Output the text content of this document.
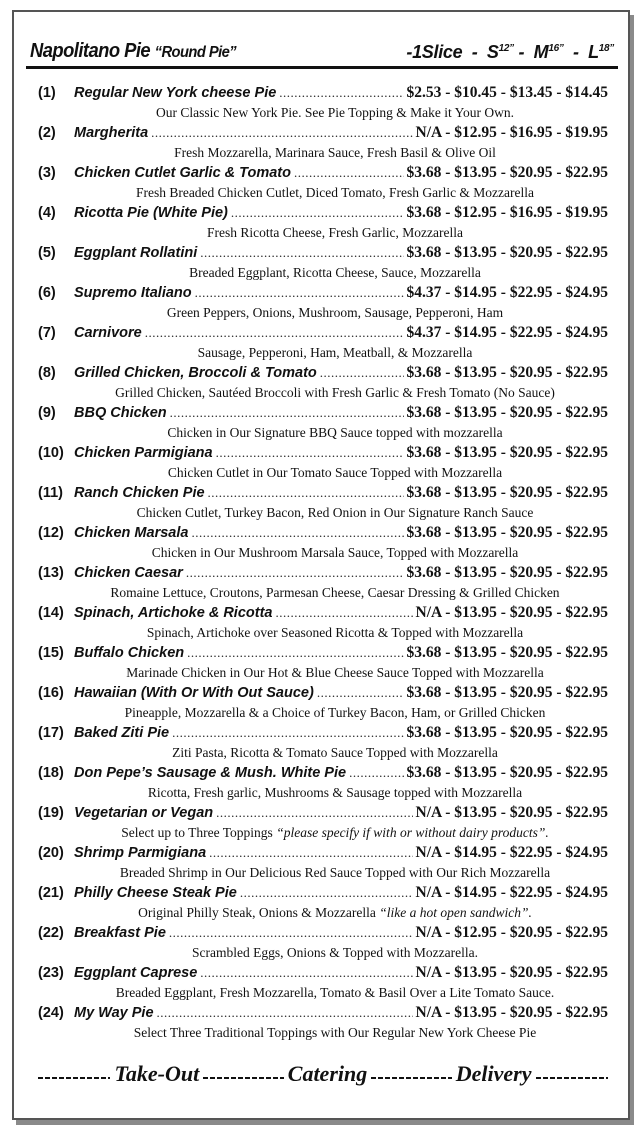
Napolitano Pie “Round Pie”	-1Slice - $S^{12”} - M^{16”} - L^{18”}$
(1)	Regular New York cheese Pie .....	$2.53 - $10.45 - $13.45 - $14.45
Our Classic New York Pie. See Pie Topping & Make it Your Own.
(2)	Margherita .....	N/A - $12.95 - $16.95 - $19.95
Fresh Mozzarella, Marinara Sauce, Fresh Basil & Olive Oil
(3)	Chicken Cutlet Garlic & Tomato .....	$3.68 - $13.95 - $20.95 - $22.95
Fresh Breaded Chicken Cutlet, Diced Tomato, Fresh Garlic & Mozzarella
(4)	Ricotta Pie (White Pie) .....	$3.68 - $12.95 - $16.95 - $19.95
Fresh Ricotta Cheese, Fresh Garlic, Mozzarella
(5)	Eggplant Rollatini .....	$3.68 - $13.95 - $20.95 - $22.95
Breaded Eggplant, Ricotta Cheese, Sauce, Mozzarella
(6)	Supremo Italiano .....	$4.37 - $14.95 - $22.95 - $24.95
Green Peppers, Onions, Mushroom, Sausage, Pepperoni, Ham
(7)	Carnivore .....	$4.37 - $14.95 - $22.95 - $24.95
Sausage, Pepperoni, Ham, Meatball, & Mozzarella
(8)	Grilled Chicken, Broccoli & Tomato .....	$3.68 - $13.95 - $20.95 - $22.95
Grilled Chicken, Sautéed Broccoli with Fresh Garlic & Fresh Tomato (No Sauce)
(9)	BBQ Chicken .....	$3.68 - $13.95 - $20.95 - $22.95
Chicken in Our Signature BBQ Sauce topped with mozzarella
(10) Chicken Parmigiana .....	$3.68 - $13.95 - $20.95 - $22.95
Chicken Cutlet in Our Tomato Sauce Topped with Mozzarella
(11) Ranch Chicken Pie .....	$3.68 - $13.95 - $20.95 - $22.95
Chicken Cutlet, Turkey Bacon, Red Onion in Our Signature Ranch Sauce
(12) Chicken Marsala .....	$3.68 - $13.95 - $20.95 - $22.95
Chicken in Our Mushroom Marsala Sauce, Topped with Mozzarella
(13) Chicken Caesar .....	$3.68 - $13.95 - $20.95 - $22.95
Romaine Lettuce, Croutons, Parmesan Cheese, Caesar Dressing & Grilled Chicken
(14) Spinach, Artichoke & Ricotta .....	N/A - $13.95 - $20.95 - $22.95
Spinach, Artichoke over Seasoned Ricotta & Topped with Mozzarella
(15) Buffalo Chicken .....	$3.68 - $13.95 - $20.95 - $22.95
Marinade Chicken in Our Hot & Blue Cheese Sauce Topped with Mozzarella
(16) Hawaiian (With Or With Out Sauce) .....	$3.68 - $13.95 - $20.95 - $22.95
Pineapple, Mozzarella & a Choice of Turkey Bacon, Ham, or Grilled Chicken
(17) Baked Ziti Pie .....	$3.68 - $13.95 - $20.95 - $22.95
Ziti Pasta, Ricotta & Tomato Sauce Topped with Mozzarella
(18) Don Pepe’s Sausage & Mush. White Pie .....	$3.68 - $13.95 - $20.95 - $22.95
Ricotta, Fresh garlic, Mushrooms & Sausage topped with Mozzarella
(19) Vegetarian or Vegan .....	N/A - $13.95 - $20.95 - $22.95
Select up to Three Toppings “please specify if with or without dairy products”.
(20) Shrimp Parmigiana .....	N/A - $14.95 - $22.95 - $24.95
Breaded Shrimp in Our Delicious Red Sauce Topped with Our Rich Mozzarella
(21) Philly Cheese Steak Pie .....	N/A - $14.95 - $22.95 - $24.95
Original Philly Steak, Onions & Mozzarella “like a hot open sandwich”.
(22) Breakfast Pie .....	N/A - $12.95 - $20.95 - $22.95
Scrambled Eggs, Onions & Topped with Mozzarella.
(23) Eggplant Caprese .....	N/A - $13.95 - $20.95 - $22.95
Breaded Eggplant, Fresh Mozzarella, Tomato & Basil Over a Lite Tomato Sauce.
(24) My Way Pie .....	N/A - $13.95 - $20.95 - $22.95
Select Three Traditional Toppings with Our Regular New York Cheese Pie
Take-Out	Catering	Delivery
